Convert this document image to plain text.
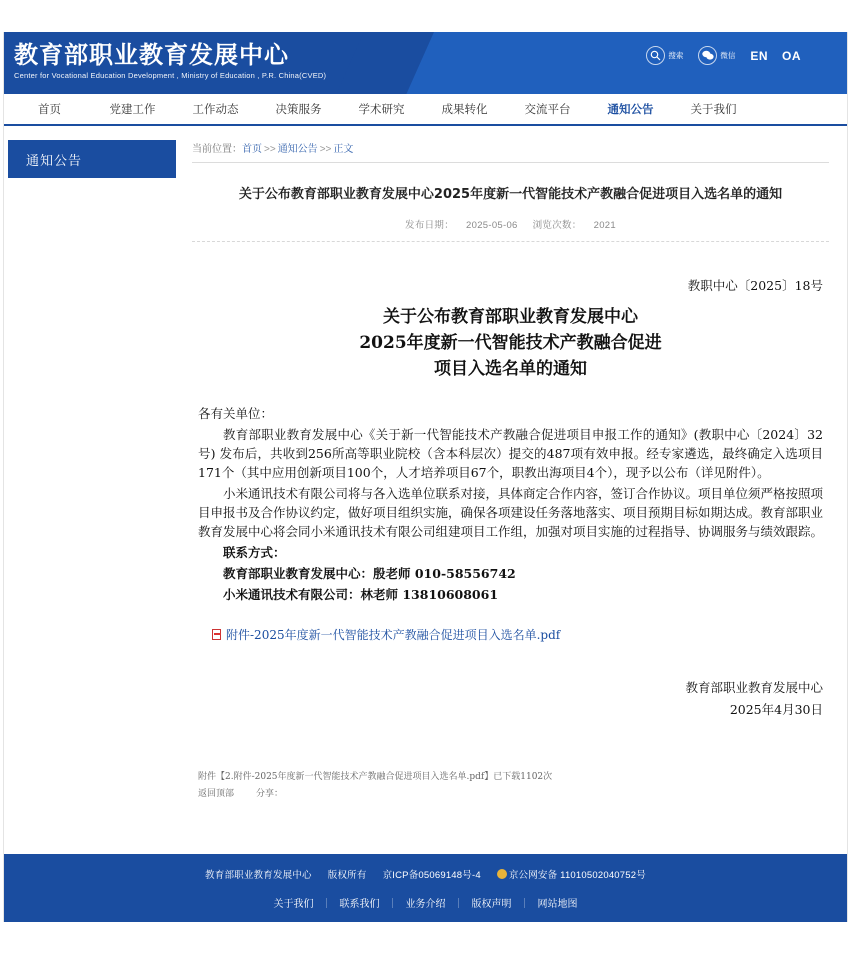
教育部职业教育发展中心
Center for Vocational Education Development , Ministry of Education , P.R. China(CVED)
搜索	微信 EN OA
首页	党建工作	工作动态	决策服务	学术研究	成果转化	交流平台	通知公告	关于我们
通知公告
当前位置：首页 >> 通知公告 >> 正文
关于公布教育部职业教育发展中心2025年度新一代智能技术产教融合促进项目入选名单的通知
发布日期： 2025-05-06 浏览次数： 2021
教职中心〔2025〕18号
关于公布教育部职业教育发展中心
2025年度新一代智能技术产教融合促进
项目入选名单的通知
各有关单位：
教育部职业教育发展中心《关于新一代智能技术产教融合促进项目申报工作的通知》(教职中心〔2024〕32号) 发布后，共收到256所高等职业院校（含本科层次）提交的487项有效申报。经专家遴选，最终确定入选项目171个（其中应用创新项目100个，人才培养项目67个，职教出海项目4个），现予以公布（详见附件）。
小米通讯技术有限公司将与各入选单位联系对接，具体商定合作内容，签订合作协议。项目单位须严格按照项目申报书及合作协议约定，做好项目组织实施，确保各项建设任务落地落实、项目预期目标如期达成。教育部职业教育发展中心将会同小米通讯技术有限公司组建项目工作组，加强对项目实施的过程指导、协调服务与绩效跟踪。
联系方式：
教育部职业教育发展中心：殷老师 010-58556742
小米通讯技术有限公司：林老师 13810608061
附件-2025年度新一代智能技术产教融合促进项目入选名单.pdf
教育部职业教育发展中心
2025年4月30日
附件【2.附件-2025年度新一代智能技术产教融合促进项目入选名单.pdf】已下载1102次
返回顶部 分享：
教育部职业教育发展中心 版权所有 京ICP备05069148号-4	京公网安备 11010502040752号
关于我们 ｜ 联系我们 ｜ 业务介绍 ｜ 版权声明 ｜ 网站地图
